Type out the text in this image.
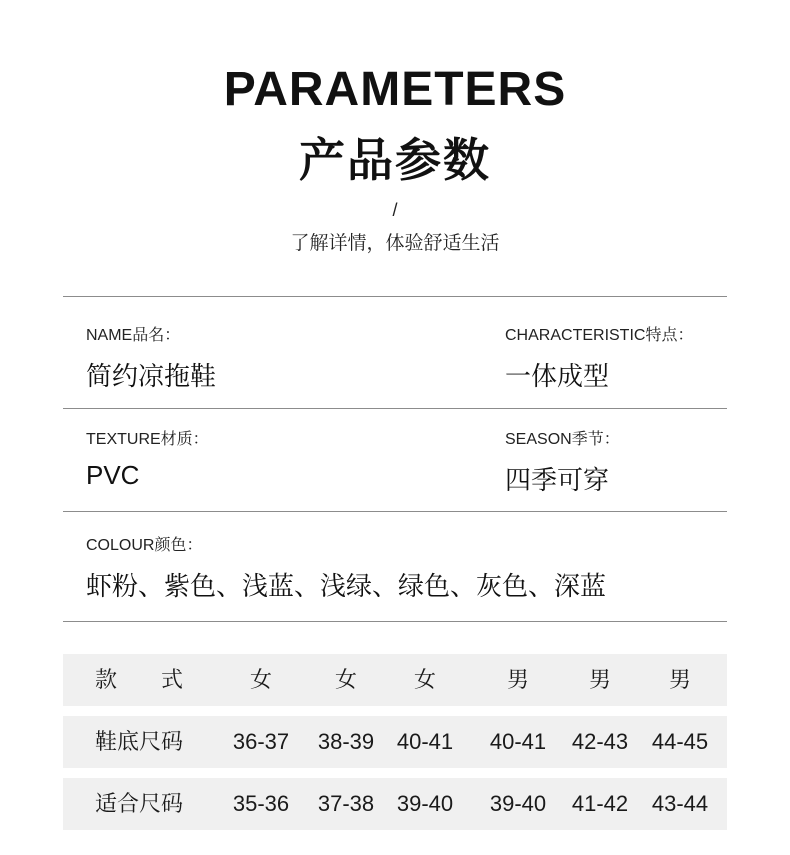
PARAMETERS
产品参数
/
了解详情，体验舒适生活
NAME品名：
简约凉拖鞋
CHARACTERISTIC特点：
一体成型
TEXTURE材质：
PVC
SEASON季节：
四季可穿
COLOUR颜色：
虾粉、紫色、浅蓝、浅绿、绿色、灰色、深蓝
款　　式	女	女	女	男	男	男
鞋底尺码 36-37 38-39 40-41 40-41 42-43 44-45
适合尺码 35-36 37-38 39-40 39-40 41-42 43-44
